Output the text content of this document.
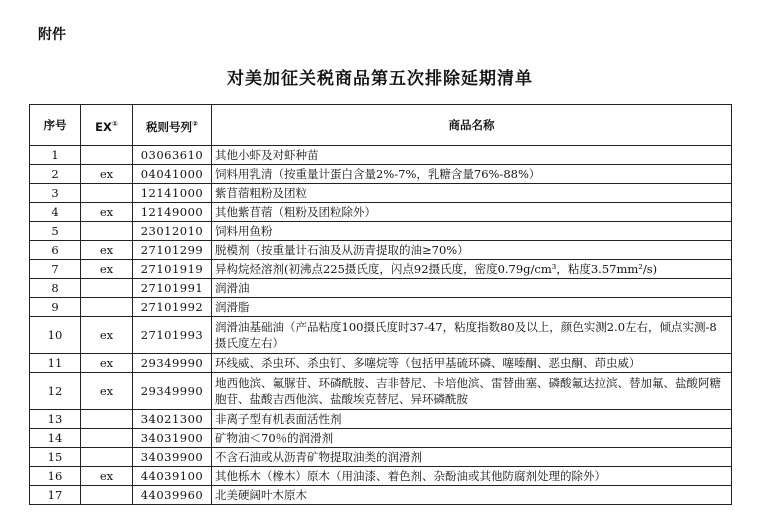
附件
对美加征关税商品第五次排除延期清单
序号	EX①	税则号列②	商品名称
1		03063610	其他小虾及对虾种苗
2	ex	04041000	饲料用乳清（按重量计蛋白含量2%-7%，乳糖含量76%-88%）
3		12141000	紫苜蓿粗粉及团粒
4	ex	12149000	其他紫苜蓿（粗粉及团粒除外）
5		23012010	饲料用鱼粉
6	ex	27101299	脱模剂（按重量计石油及从沥青提取的油≥70%）
7	ex	27101919	异构烷烃溶剂(初沸点225摄氏度，闪点92摄氏度，密度0.79g/cm³，粘度3.57mm²/s)
8		27101991	润滑油
9		27101992	润滑脂
10	ex	27101993	润滑油基础油（产品粘度100摄氏度时37-47，粘度指数80及以上，颜色实测2.0左右，倾点实测-8摄氏度左右）
11	ex	29349990	环线威、杀虫环、杀虫钉、多噻烷等（包括甲基硫环磷、噻嗪酮、恶虫酮、茚虫威）
12	ex	29349990	地西他滨、氟脲苷、环磷酰胺、吉非替尼、卡培他滨、雷替曲塞、磷酸氟达拉滨、替加氟、盐酸阿糖胞苷、盐酸吉西他滨、盐酸埃克替尼、异环磷酰胺
13		34021300	非离子型有机表面活性剂
14		34031900	矿物油＜70％的润滑剂
15		34039900	不含石油或从沥青矿物提取油类的润滑剂
16	ex	44039100	其他栎木（橡木）原木（用油漆、着色剂、杂酚油或其他防腐剂处理的除外）
17		44039960	北美硬阔叶木原木
